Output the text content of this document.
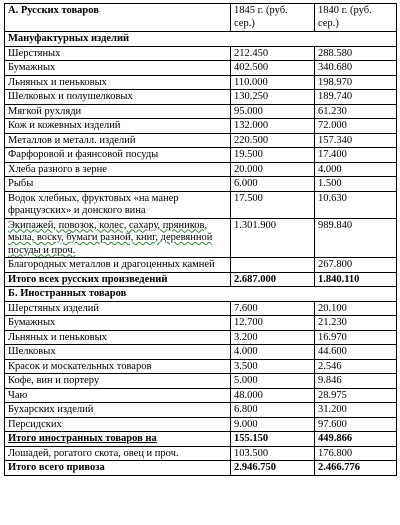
А. Русских товаров	1845 г. (руб. сер.)	1840 г. (руб. сер.)
Мануфактурных изделий		
Шерстяных	212.450	288.580
Бумажных	402.500	340.680
Льняных и пеньковых	110.000	198.970
Шелковых и полушелковых	130.250	189.740
Мягкой рухляди	95.000	61.230
Кож и кожевных изделий	132.000	72.000
Металлов и металл. изделий	220.500	157.340
Фарфоровой и фаянсовой посуды	19.500	17.400
Хлеба разного в зерне	20.000	4.000
Рыбы	6.000	1.500
Водок хлебных, фруктовых «на манер французских» и донского вина	17.500	10.630
Экипажей, повозок, колес, сахару, пряников, мыла, воску, бумаги разной, книг, деревянной посуды и проч.	1.301.900	989.840
Благородных металлов и драгоценных камней		267.800
Итого всех русских произведений	2.687.000	1.840.110
Б. Иностранных товаров		
Шерстяных изделий	7.600	20.100
Бумажных	12.700	21.230
Льняных и пеньковых	3.200	16.970
Шелковых	4.000	44.600
Красок и москательных товаров	3.500	2.546
Кофе, вин и портеру	5.000	9.846
Чаю	48.000	28.975
Бухарских изделий	6.800	31.200
Персидских	9.000	97.600
Итого иностранных товаров на	155.150	449.866
Лошадей, рогатого скота, овец и проч.	103.500	176.800
Итого всего привоза	2.946.750	2.466.776
